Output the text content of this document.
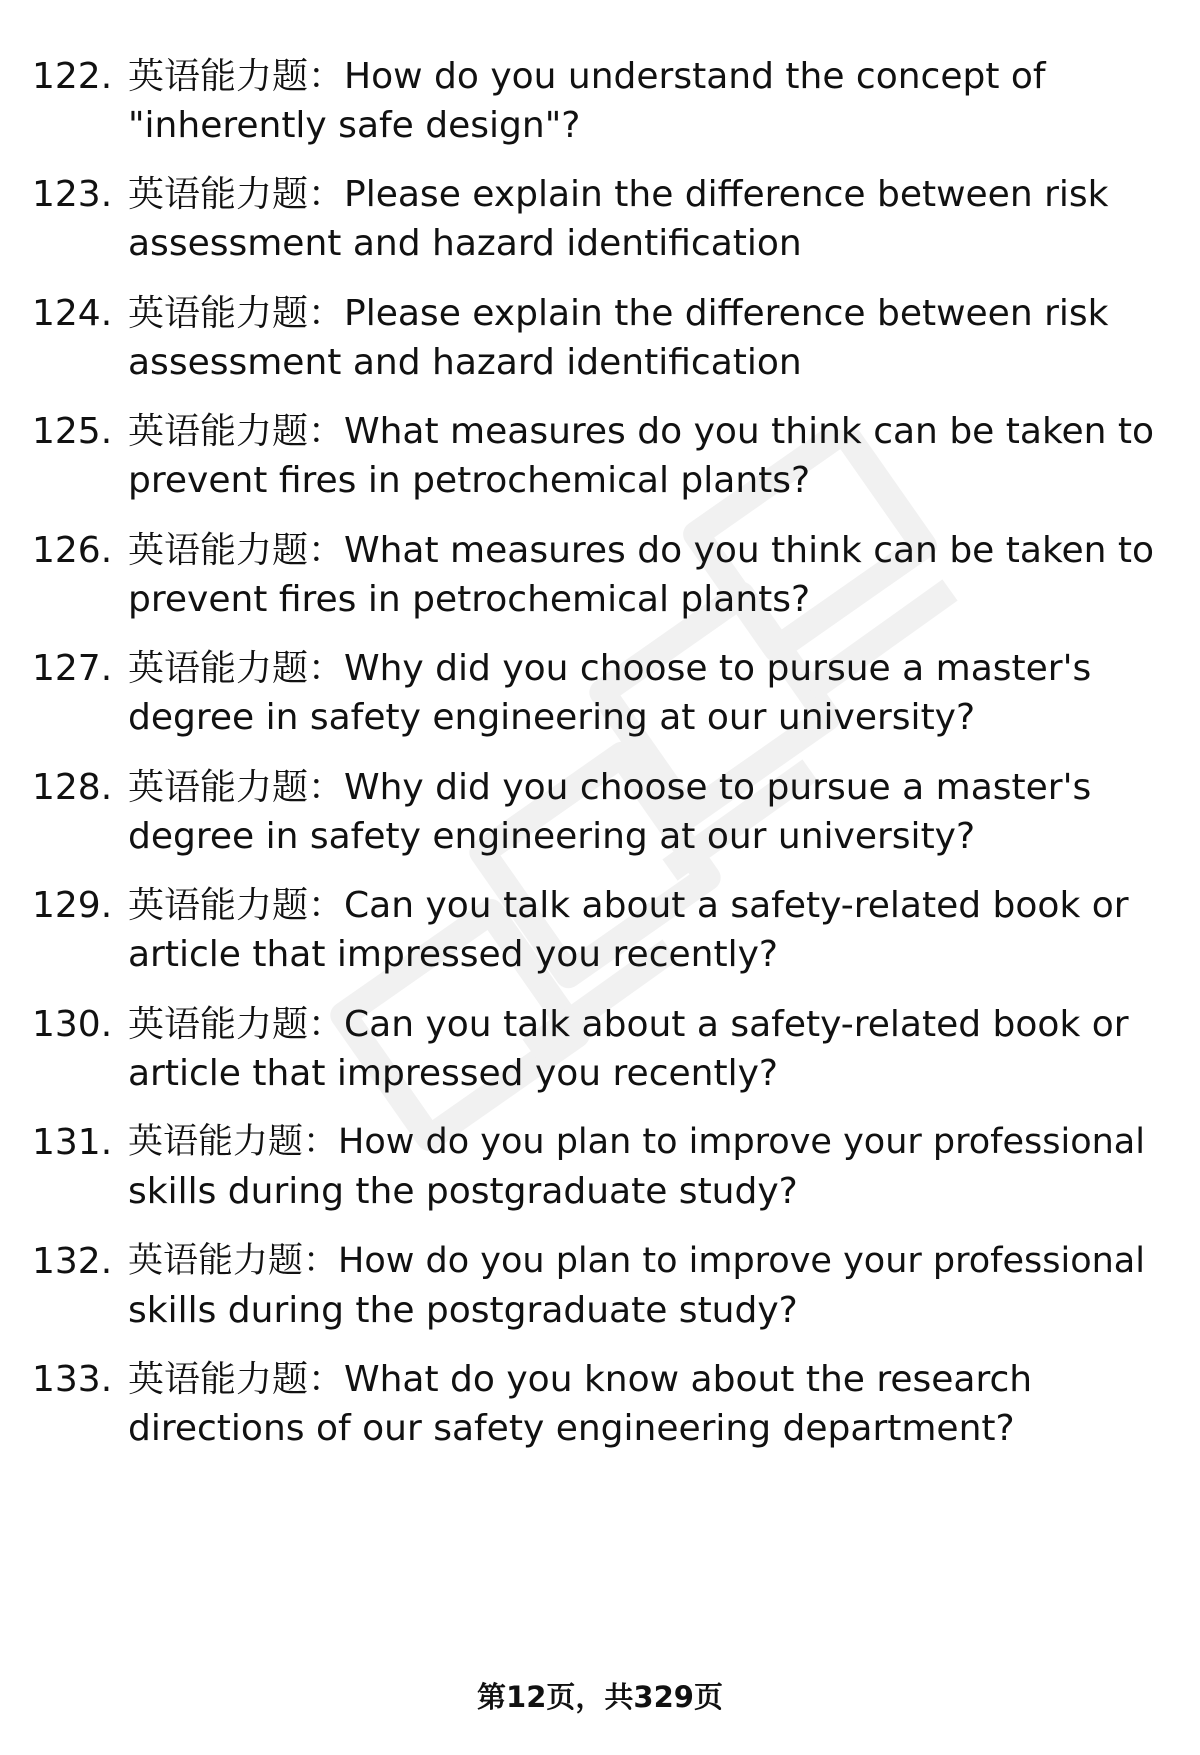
122. 英语能力题：How do you understand the concept of
"inherently safe design"?
123. 英语能力题：Please explain the difference between risk
assessment and hazard identification
124. 英语能力题：Please explain the difference between risk
assessment and hazard identification
125. 英语能力题：What measures do you think can be taken to
prevent fires in petrochemical plants?
126. 英语能力题：What measures do you think can be taken to
prevent fires in petrochemical plants?
127. 英语能力题：Why did you choose to pursue a master's
degree in safety engineering at our university?
128. 英语能力题：Why did you choose to pursue a master's
degree in safety engineering at our university?
129. 英语能力题：Can you talk about a safety-related book or
article that impressed you recently?
130. 英语能力题：Can you talk about a safety-related book or
article that impressed you recently?
131. 英语能力题：How do you plan to improve your professional
skills during the postgraduate study?
132. 英语能力题：How do you plan to improve your professional
skills during the postgraduate study?
133. 英语能力题：What do you know about the research
directions of our safety engineering department?
第12页，共329页
